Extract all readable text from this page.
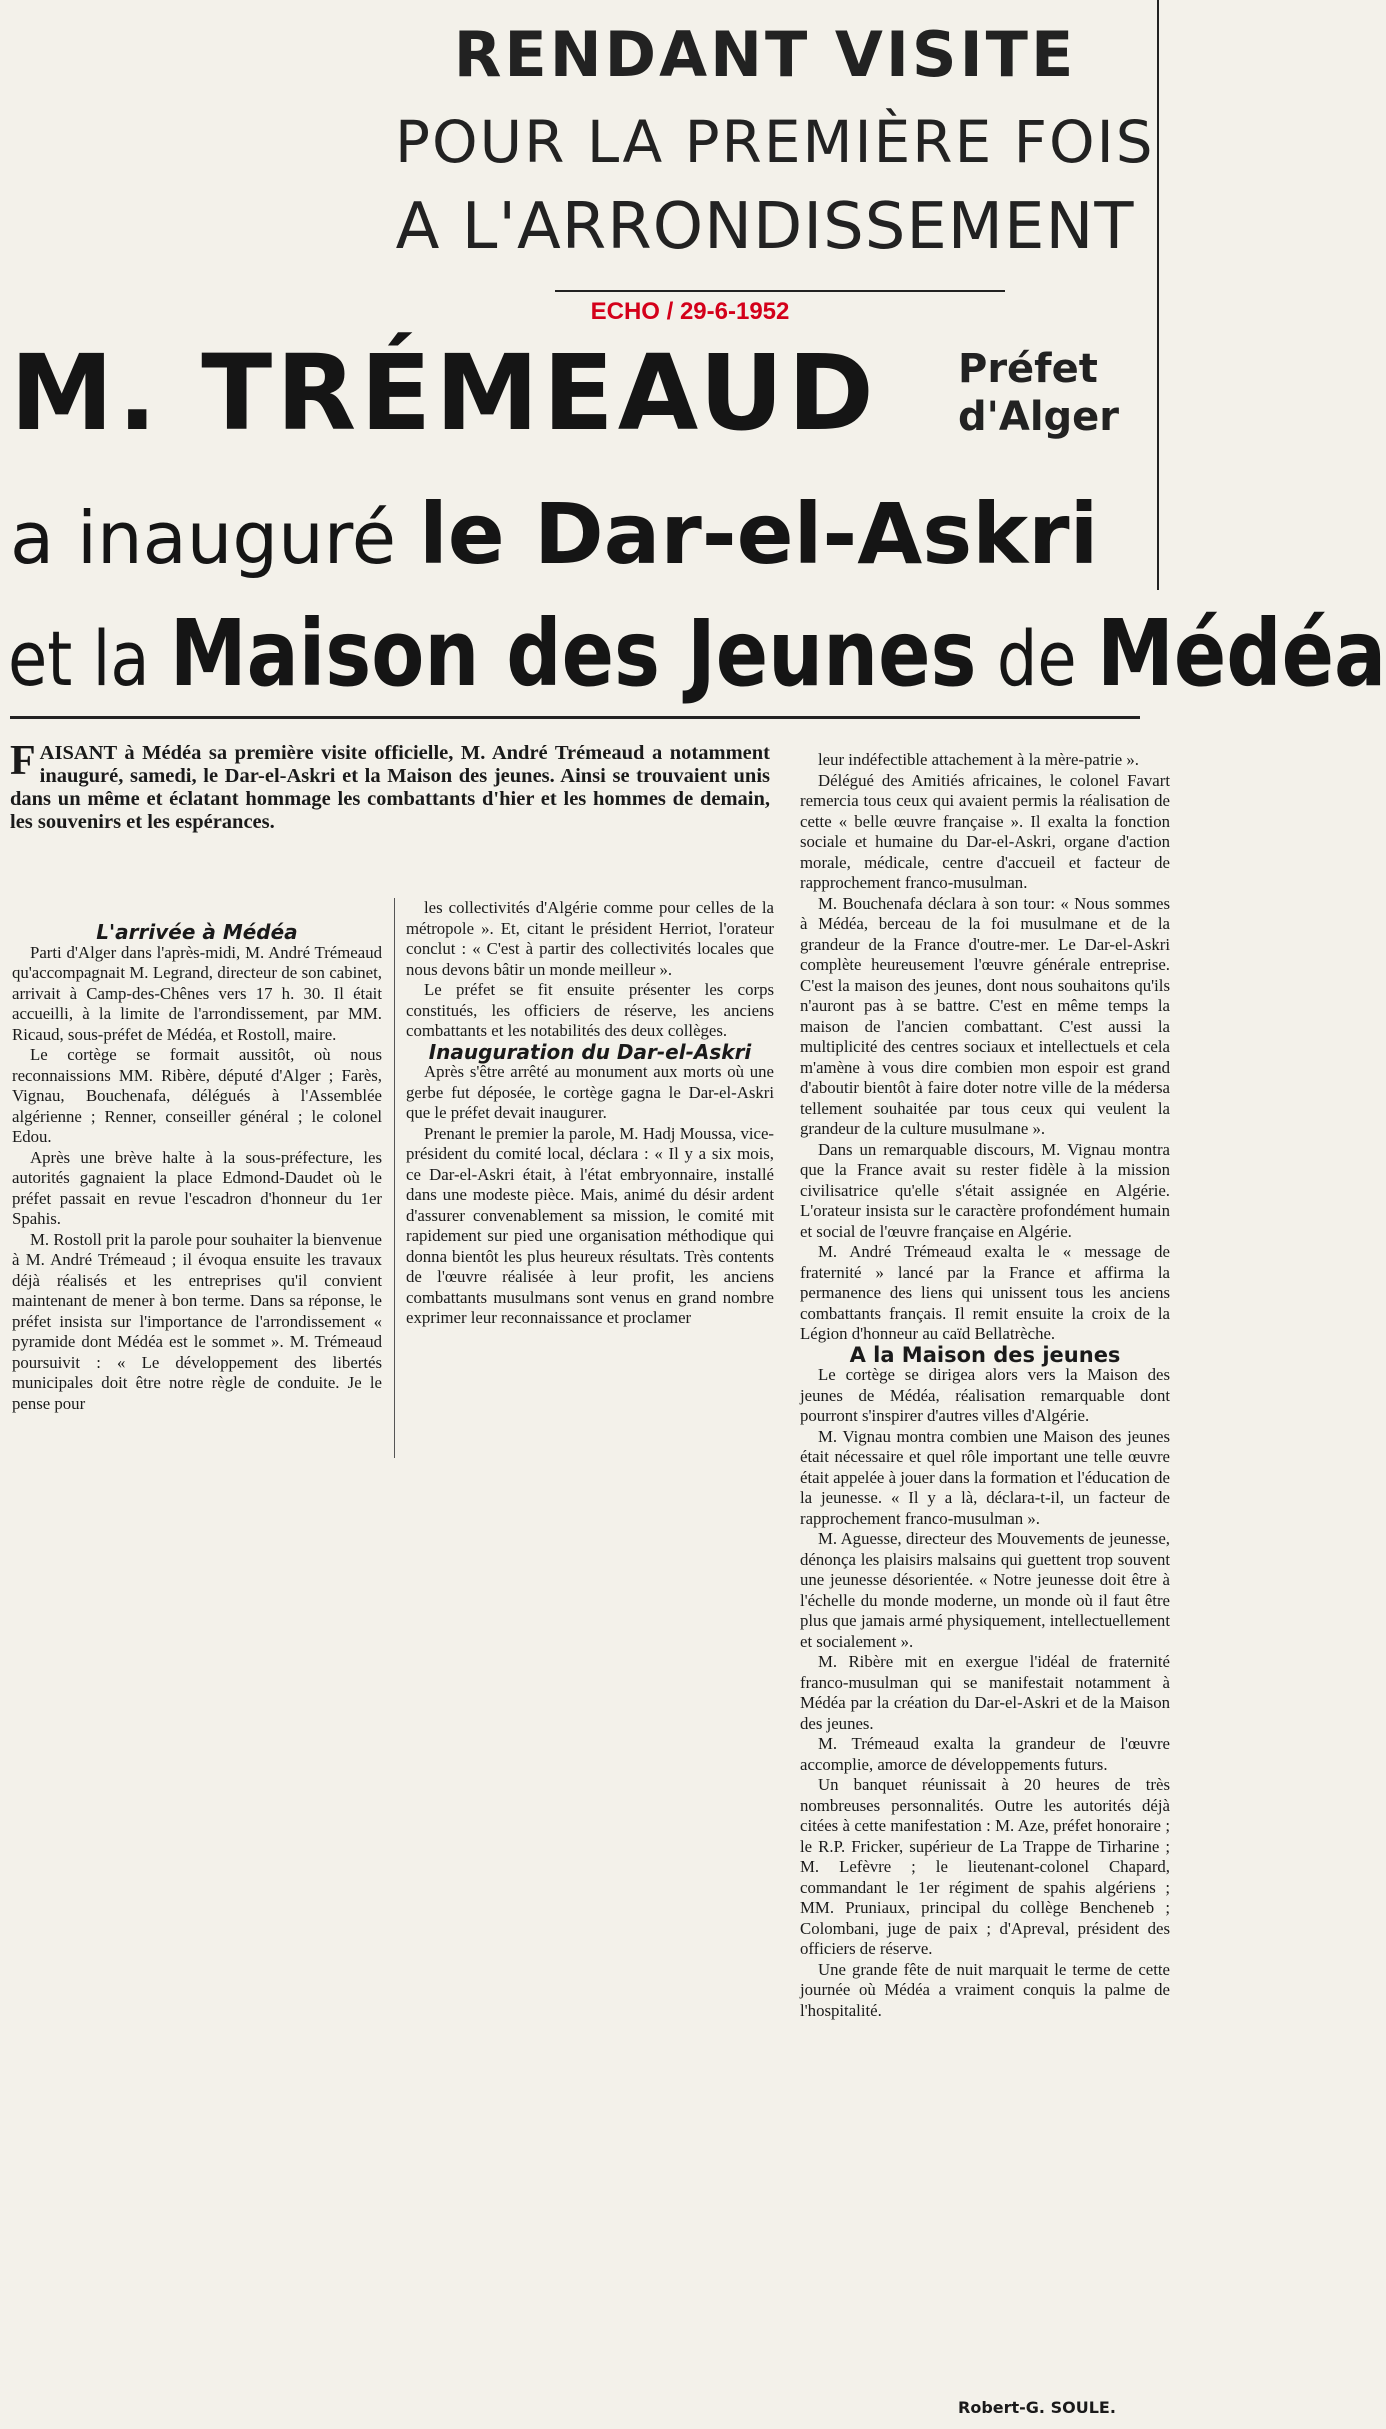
RENDANT VISITE
POUR LA PREMIÈRE FOIS
A L'ARRONDISSEMENT
ECHO / 29-6-1952
M. TRÉMEAUD Préfet
d'Alger
a inauguré le Dar-el-Askri
et la Maison des Jeunes de Médéa
FAISANT à Médéa sa première visite officielle, M. André Trémeaud a notamment inauguré, samedi, le Dar-el-Askri et la Maison des jeunes. Ainsi se trouvaient unis dans un même et éclatant hommage les combattants d'hier et les hommes de demain, les souvenirs et les espérances.

L'arrivée à Médéa

Parti d'Alger dans l'après-midi, M. André Trémeaud qu'accompagnait M. Legrand, directeur de son cabinet, arrivait à Camp-des-Chênes vers 17 h. 30. Il était accueilli, à la limite de l'arrondissement, par MM. Ricaud, sous-préfet de Médéa, et Rostoll, maire.

Le cortège se formait aussitôt, où nous reconnaissions MM. Ribère, député d'Alger ; Farès, Vignau, Bouchenafa, délégués à l'Assemblée algérienne ; Renner, conseiller général ; le colonel Edou.

Après une brève halte à la sous-préfecture, les autorités gagnaient la place Edmond-Daudet où le préfet passait en revue l'escadron d'honneur du 1er Spahis.

M. Rostoll prit la parole pour souhaiter la bienvenue à M. André Trémeaud ; il évoqua ensuite les travaux déjà réalisés et les entreprises qu'il convient maintenant de mener à bon terme. Dans sa réponse, le préfet insista sur l'importance de l'arrondissement « pyramide dont Médéa est le sommet ». M. Trémeaud poursuivit : « Le développement des libertés municipales doit être notre règle de conduite. Je le pense pour

les collectivités d'Algérie comme pour celles de la métropole ». Et, citant le président Herriot, l'orateur conclut : « C'est à partir des collectivités locales que nous devons bâtir un monde meilleur ».

Le préfet se fit ensuite présenter les corps constitués, les officiers de réserve, les anciens combattants et les notabilités des deux collèges.

Inauguration du Dar-el-Askri

Après s'être arrêté au monument aux morts où une gerbe fut déposée, le cortège gagna le Dar-el-Askri que le préfet devait inaugurer.

Prenant le premier la parole, M. Hadj Moussa, vice-président du comité local, déclara : « Il y a six mois, ce Dar-el-Askri était, à l'état embryonnaire, installé dans une modeste pièce. Mais, animé du désir ardent d'assurer convenablement sa mission, le comité mit rapidement sur pied une organisation méthodique qui donna bientôt les plus heureux résultats. Très contents de l'œuvre réalisée à leur profit, les anciens combattants musulmans sont venus en grand nombre exprimer leur reconnaissance et proclamer

leur indéfectible attachement à la mère-patrie ».

Délégué des Amitiés africaines, le colonel Favart remercia tous ceux qui avaient permis la réalisation de cette « belle œuvre française ». Il exalta la fonction sociale et humaine du Dar-el-Askri, organe d'action morale, médicale, centre d'accueil et facteur de rapprochement franco-musulman.

M. Bouchenafa déclara à son tour: « Nous sommes à Médéa, berceau de la foi musulmane et de la grandeur de la France d'outre-mer. Le Dar-el-Askri complète heureusement l'œuvre générale entreprise. C'est la maison des jeunes, dont nous souhaitons qu'ils n'auront pas à se battre. C'est en même temps la maison de l'ancien combattant. C'est aussi la multiplicité des centres sociaux et intellectuels et cela m'amène à vous dire combien mon espoir est grand d'aboutir bientôt à faire doter notre ville de la médersa tellement souhaitée par tous ceux qui veulent la grandeur de la culture musulmane ».

Dans un remarquable discours, M. Vignau montra que la France avait su rester fidèle à la mission civilisatrice qu'elle s'était assignée en Algérie. L'orateur insista sur le caractère profondément humain et social de l'œuvre française en Algérie.

M. André Trémeaud exalta le « message de fraternité » lancé par la France et affirma la permanence des liens qui unissent tous les anciens combattants français. Il remit ensuite la croix de la Légion d'honneur au caïd Bellatrèche.

A la Maison des jeunes

Le cortège se dirigea alors vers la Maison des jeunes de Médéa, réalisation remarquable dont pourront s'inspirer d'autres villes d'Algérie.

M. Vignau montra combien une Maison des jeunes était nécessaire et quel rôle important une telle œuvre était appelée à jouer dans la formation et l'éducation de la jeunesse. « Il y a là, déclara-t-il, un facteur de rapprochement franco-musulman ».

M. Aguesse, directeur des Mouvements de jeunesse, dénonça les plaisirs malsains qui guettent trop souvent une jeunesse désorientée. « Notre jeunesse doit être à l'échelle du monde moderne, un monde où il faut être plus que jamais armé physiquement, intellectuellement et socialement ».

M. Ribère mit en exergue l'idéal de fraternité franco-musulman qui se manifestait notamment à Médéa par la création du Dar-el-Askri et de la Maison des jeunes.

M. Trémeaud exalta la grandeur de l'œuvre accomplie, amorce de développements futurs.

Un banquet réunissait à 20 heures de très nombreuses personnalités. Outre les autorités déjà citées à cette manifestation : M. Aze, préfet honoraire ; le R.P. Fricker, supérieur de La Trappe de Tirharine ; M. Lefèvre ; le lieutenant-colonel Chapard, commandant le 1er régiment de spahis algériens ; MM. Pruniaux, principal du collège Bencheneb ; Colombani, juge de paix ; d'Apreval, président des officiers de réserve.

Une grande fête de nuit marquait le terme de cette journée où Médéa a vraiment conquis la palme de l'hospitalité.

Robert-G. SOULE.
